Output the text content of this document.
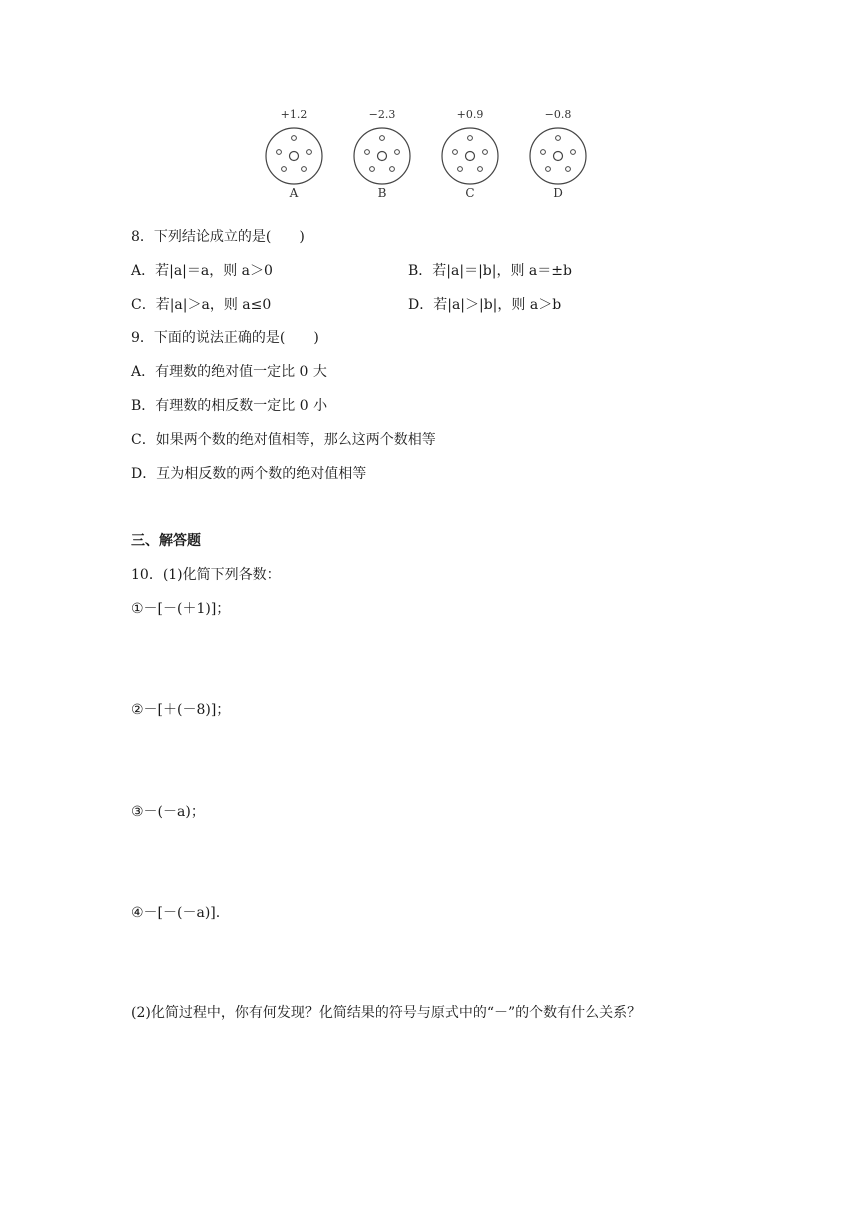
+1.2
A
−2.3
B
+0.9
C
−0.8
D
8．下列结论成立的是(　　)
A．若|a|＝a，则 a＞0	B．若|a|＝|b|，则 a＝±b
C．若|a|＞a，则 a≤0	D．若|a|＞|b|，则 a＞b
9．下面的说法正确的是(　　)
A．有理数的绝对值一定比 0 大
B．有理数的相反数一定比 0 小
C．如果两个数的绝对值相等，那么这两个数相等
D．互为相反数的两个数的绝对值相等
三、解答题
10．(1)化简下列各数：
①－[－(＋1)]；
②－[＋(－8)]；
③－(－a)；
④－[－(－a)].
(2)化简过程中，你有何发现？化简结果的符号与原式中的“－”的个数有什么关系？
